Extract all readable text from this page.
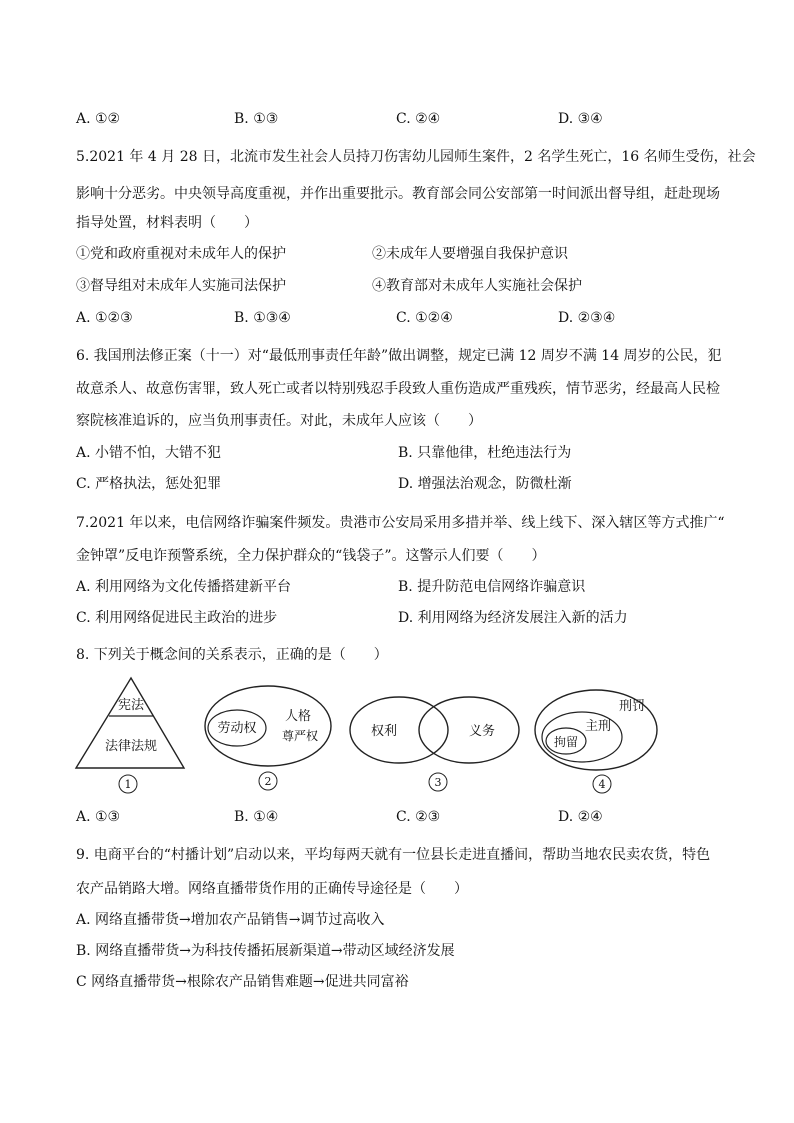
A. ①②	B. ①③	C. ②④	D. ③④
5.2021 年 4 月 28 日，北流市发生社会人员持刀伤害幼儿园师生案件，2 名学生死亡，16 名师生受伤，社会
影响十分恶劣。中央领导高度重视，并作出重要批示。教育部会同公安部第一时间派出督导组，赶赴现场
指导处置，材料表明（　　）
①党和政府重视对未成年人的保护	②未成年人要增强自我保护意识
③督导组对未成年人实施司法保护	④教育部对未成年人实施社会保护
A. ①②③	B. ①③④	C. ①②④	D. ②③④
6. 我国刑法修正案（十一）对“最低刑事责任年龄”做出调整，规定已满 12 周岁不满 14 周岁的公民，犯
故意杀人、故意伤害罪，致人死亡或者以特别残忍手段致人重伤造成严重残疾，情节恶劣，经最高人民检
察院核准追诉的，应当负刑事责任。对此，未成年人应该（　　）
A. 小错不怕，大错不犯	B. 只靠他律，杜绝违法行为
C. 严格执法，惩处犯罪	D. 增强法治观念，防微杜渐
7.2021 年以来，电信网络诈骗案件频发。贵港市公安局采用多措并举、线上线下、深入辖区等方式推广“
金钟罩”反电诈预警系统，全力保护群众的“钱袋子”。这警示人们要（　　）
A. 利用网络为文化传播搭建新平台	B. 提升防范电信网络诈骗意识
C. 利用网络促进民主政治的进步	D. 利用网络为经济发展注入新的活力
8. 下列关于概念间的关系表示，正确的是（　　）
宪法
法律法规
1
劳动权
人格
尊严权
2
权利	义务
3
刑罚
主刑
拘留
4
A. ①③	B. ①④	C. ②③	D. ②④
9. 电商平台的“村播计划”启动以来，平均每两天就有一位县长走进直播间，帮助当地农民卖农货，特色
农产品销路大增。网络直播带货作用的正确传导途径是（　　）
A. 网络直播带货→增加农产品销售→调节过高收入
B. 网络直播带货→为科技传播拓展新渠道→带动区域经济发展
C 网络直播带货→根除农产品销售难题→促进共同富裕
